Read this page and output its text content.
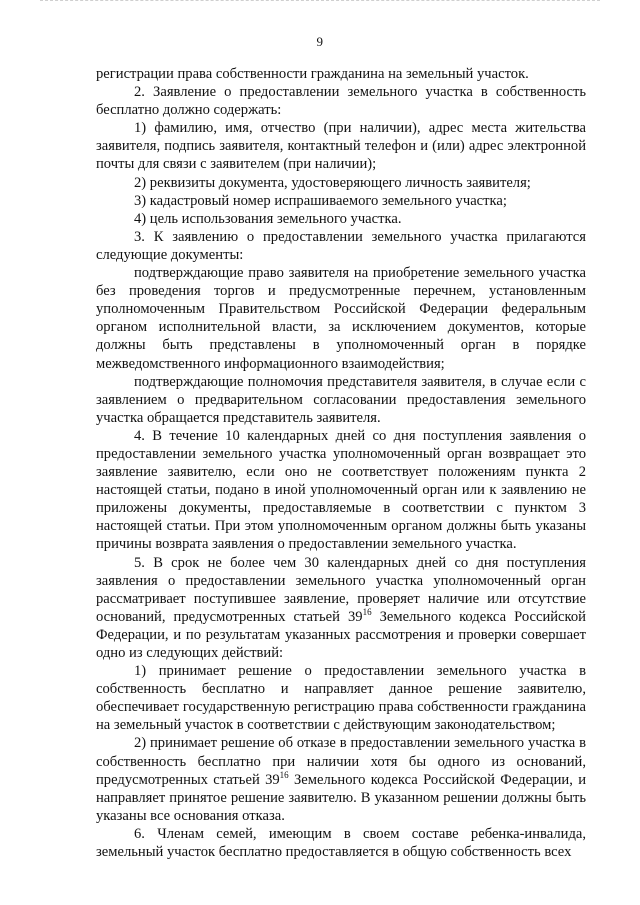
9

регистрации права собственности гражданина на земельный участок.

2. Заявление о предоставлении земельного участка в собственность бесплатно должно содержать:

1) фамилию, имя, отчество (при наличии), адрес места жительства заявителя, подпись заявителя, контактный телефон и (или) адрес электронной почты для связи с заявителем (при наличии);

2) реквизиты документа, удостоверяющего личность заявителя;

3) кадастровый номер испрашиваемого земельного участка;

4) цель использования земельного участка.

3. К заявлению о предоставлении земельного участка прилагаются следующие документы:

подтверждающие право заявителя на приобретение земельного участка без проведения торгов и предусмотренные перечнем, установленным уполномоченным Правительством Российской Федерации федеральным органом исполнительной власти, за исключением документов, которые должны быть представлены в уполномоченный орган в порядке межведомственного информационного взаимодействия;

подтверждающие полномочия представителя заявителя, в случае если с заявлением о предварительном согласовании предоставления земельного участка обращается представитель заявителя.

4. В течение 10 календарных дней со дня поступления заявления о предоставлении земельного участка уполномоченный орган возвращает это заявление заявителю, если оно не соответствует положениям пункта 2 настоящей статьи, подано в иной уполномоченный орган или к заявлению не приложены документы, предоставляемые в соответствии с пунктом 3 настоящей статьи. При этом уполномоченным органом должны быть указаны причины возврата заявления о предоставлении земельного участка.

5. В срок не более чем 30 календарных дней со дня поступления заявления о предоставлении земельного участка уполномоченный орган рассматривает поступившее заявление, проверяет наличие или отсутствие оснований, предусмотренных статьей $39^{16}$ Земельного кодекса Российской Федерации, и по результатам указанных рассмотрения и проверки совершает одно из следующих действий:

1) принимает решение о предоставлении земельного участка в собственность бесплатно и направляет данное решение заявителю, обеспечивает государственную регистрацию права собственности гражданина на земельный участок в соответствии с действующим законодательством;

2) принимает решение об отказе в предоставлении земельного участка в собственность бесплатно при наличии хотя бы одного из оснований, предусмотренных статьей $39^{16}$ Земельного кодекса Российской Федерации, и направляет принятое решение заявителю. В указанном решении должны быть указаны все основания отказа.

6. Членам семей, имеющим в своем составе ребенка-инвалида, земельный участок бесплатно предоставляется в общую собственность всех
